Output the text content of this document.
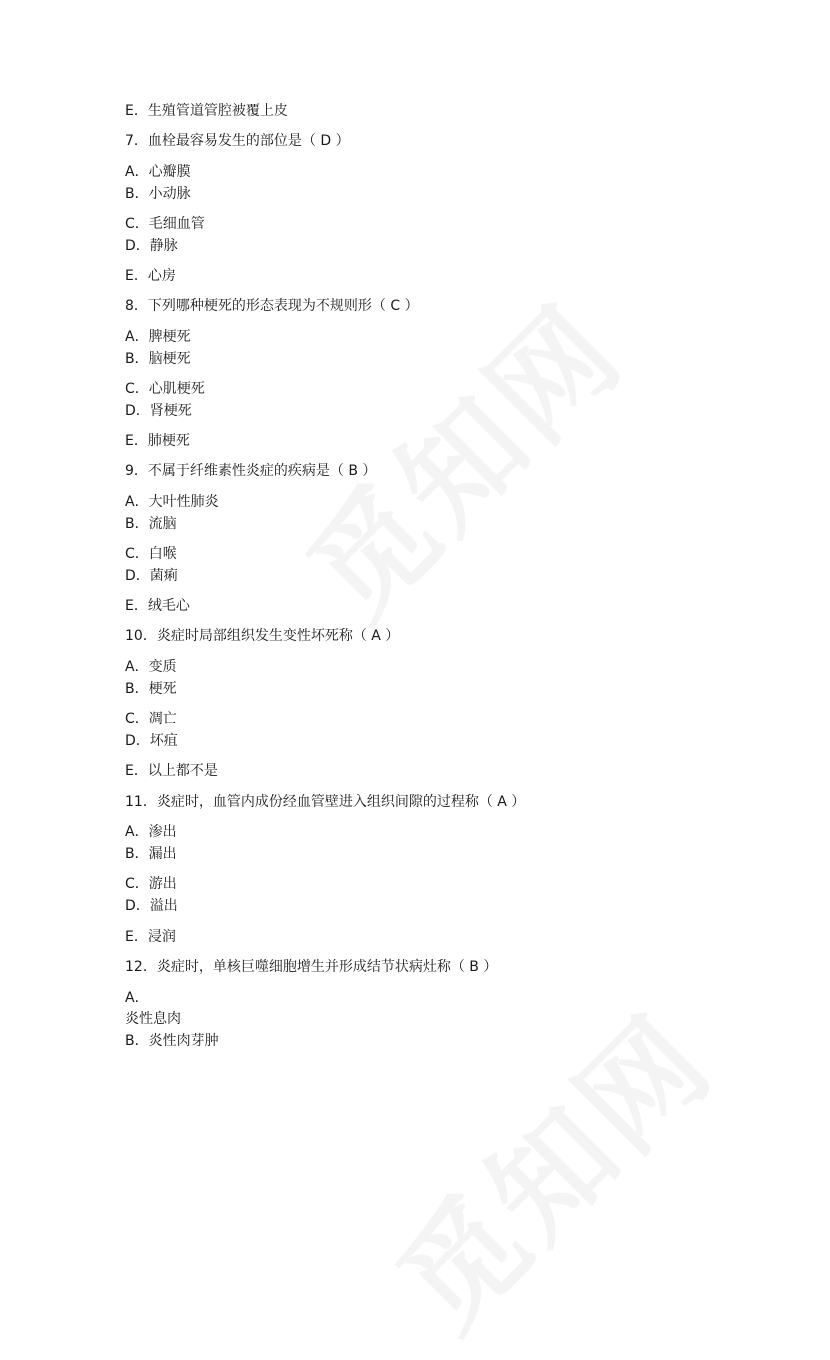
E．生殖管道管腔被覆上皮
7．血栓最容易发生的部位是（ D ）
A．心瓣膜
B．小动脉
C．毛细血管
D．静脉
E．心房
8．下列哪种梗死的形态表现为不规则形（ C ）
A．脾梗死
B．脑梗死
C．心肌梗死
D．肾梗死
E．肺梗死
9．不属于纤维素性炎症的疾病是（ B ）
A．大叶性肺炎
B．流脑
C．白喉
D．菌痢
E．绒毛心
10．炎症时局部组织发生变性坏死称（ A ）
A．变质
B．梗死
C．凋亡
D．坏疽
E．以上都不是
11．炎症时，血管内成份经血管壁进入组织间隙的过程称（ A ）
A．渗出
B．漏出
C．游出
D．溢出
E．浸润
12．炎症时，单核巨噬细胞增生并形成结节状病灶称（ B ）
A．
炎性息肉
B．炎性肉芽肿
